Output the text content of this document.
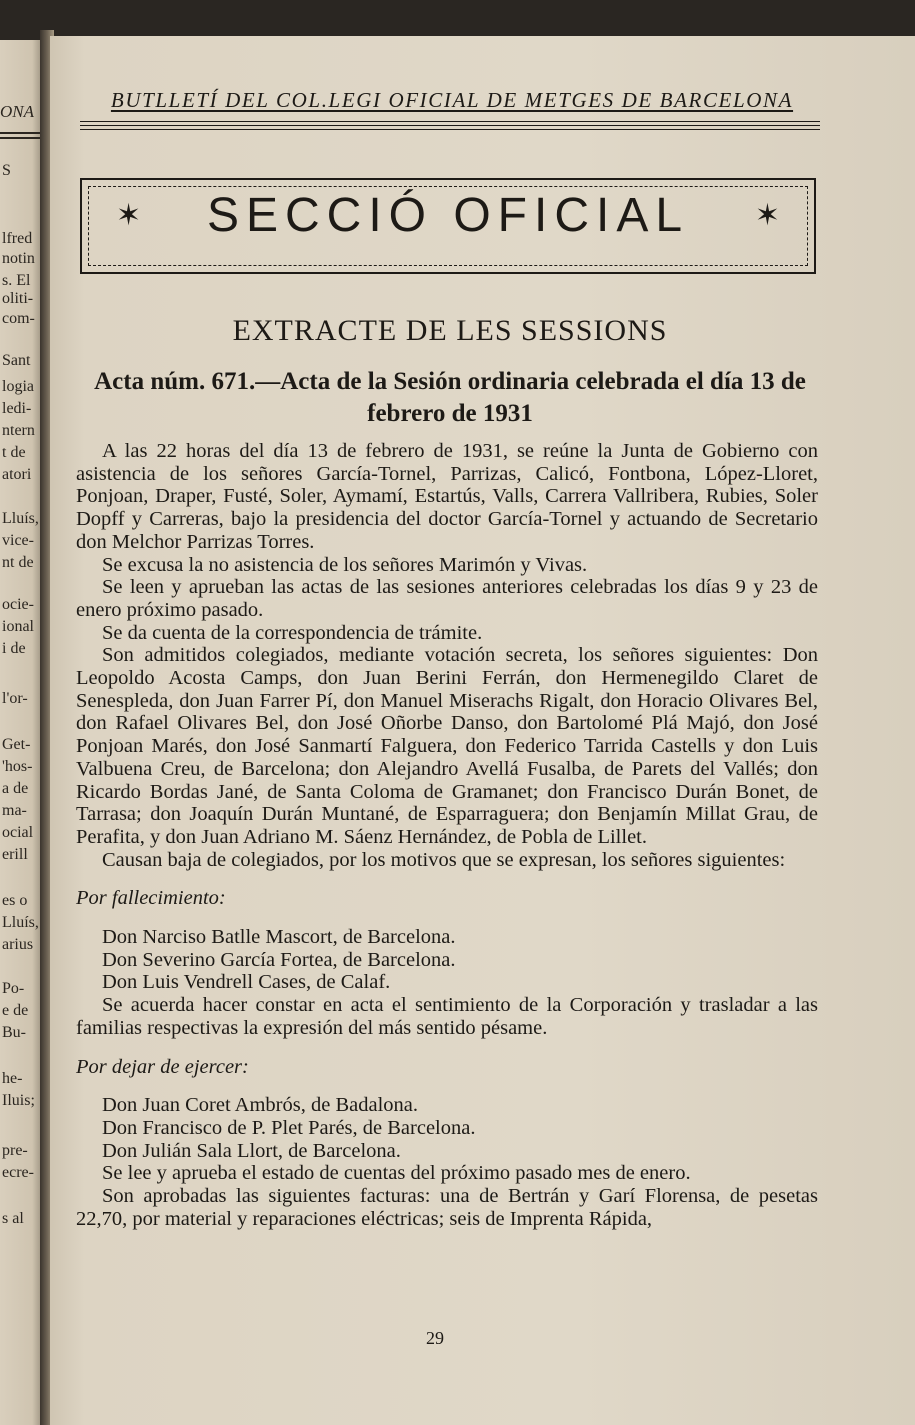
ONA
S
lfred
notin
s. El
oliti-
com-
Sant
logia
ledi-
ntern
t de
atori
Lluís,
vice-
nt de
ocie-
ional
i de
l'or-
Get-
'hos-
a de
ma-
ocial
erill
es o
Lluís,
arius
Po-
e de
Bu-
he-
Iluis;
pre-
ecre-
s al
BUTLLETÍ DEL COL.LEGI OFICIAL DE METGES DE BARCELONA
✶	SECCIÓ OFICIAL	✶
EXTRACTE DE LES SESSIONS
Acta núm. 671.—Acta de la Sesión ordinaria celebrada el día 13 de febrero de 1931

A las 22 horas del día 13 de febrero de 1931, se reúne la Junta de Gobierno con asistencia de los señores García-Tornel, Parrizas, Calicó, Fontbona, López-Lloret, Ponjoan, Draper, Fusté, Soler, Aymamí, Estartús, Valls, Carrera Vallribera, Rubies, Soler Dopff y Carreras, bajo la presidencia del doctor García-Tornel y actuando de Secretario don Melchor Parrizas Torres.

Se excusa la no asistencia de los señores Marimón y Vivas.

Se leen y aprueban las actas de las sesiones anteriores celebradas los días 9 y 23 de enero próximo pasado.

Se da cuenta de la correspondencia de trámite.

Son admitidos colegiados, mediante votación secreta, los señores siguientes: Don Leopoldo Acosta Camps, don Juan Berini Ferrán, don Hermenegildo Claret de Senespleda, don Juan Farrer Pí, don Manuel Miserachs Rigalt, don Horacio Olivares Bel, don Rafael Olivares Bel, don José Oñorbe Danso, don Bartolomé Plá Majó, don José Ponjoan Marés, don José Sanmartí Falguera, don Federico Tarrida Castells y don Luis Valbuena Creu, de Barcelona; don Alejandro Avellá Fusalba, de Parets del Vallés; don Ricardo Bordas Jané, de Santa Coloma de Gramanet; don Francisco Durán Bonet, de Tarrasa; don Joaquín Durán Muntané, de Esparraguera; don Benjamín Millat Grau, de Perafita, y don Juan Adriano M. Sáenz Hernández, de Pobla de Lillet.

Causan baja de colegiados, por los motivos que se expresan, los señores siguientes:

Por fallecimiento:

Don Narciso Batlle Mascort, de Barcelona.

Don Severino García Fortea, de Barcelona.

Don Luis Vendrell Cases, de Calaf.

Se acuerda hacer constar en acta el sentimiento de la Corporación y trasladar a las familias respectivas la expresión del más sentido pésame.

Por dejar de ejercer:

Don Juan Coret Ambrós, de Badalona.

Don Francisco de P. Plet Parés, de Barcelona.

Don Julián Sala Llort, de Barcelona.

Se lee y aprueba el estado de cuentas del próximo pasado mes de enero.

Son aprobadas las siguientes facturas: una de Bertrán y Garí Florensa, de pesetas 22,70, por material y reparaciones eléctricas; seis de Imprenta Rápida,

29
